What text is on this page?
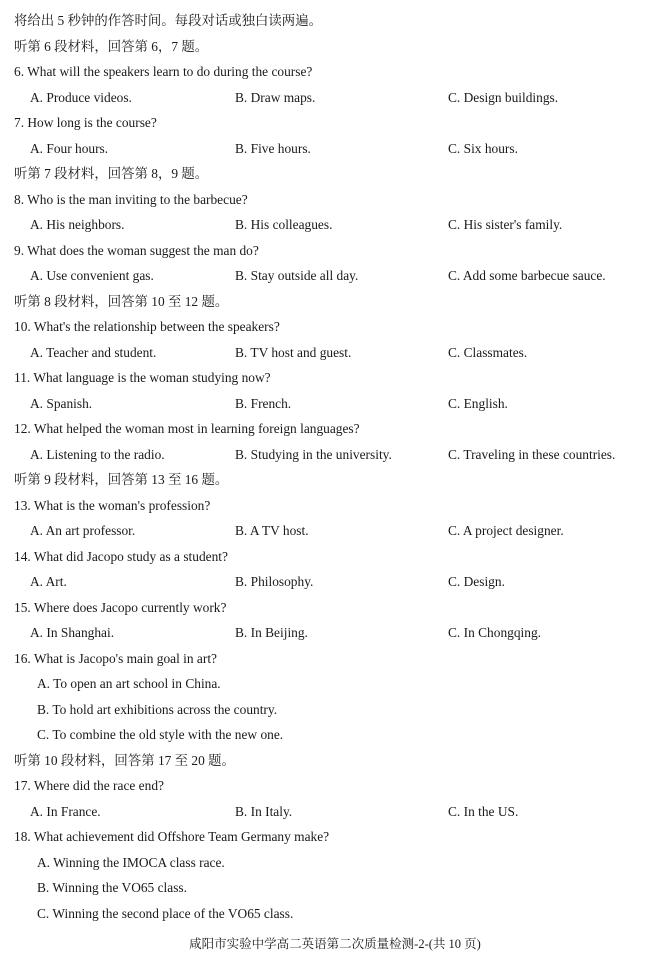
将给出 5 秒钟的作答时间。每段对话或独白读两遍。
听第 6 段材料，回答第 6，7 题。
6. What will the speakers learn to do during the course?
A. Produce videos.	B. Draw maps.	C. Design buildings.
7. How long is the course?
A. Four hours.	B. Five hours.	C. Six hours.
听第 7 段材料，回答第 8，9 题。
8. Who is the man inviting to the barbecue?
A. His neighbors.	B. His colleagues.	C. His sister's family.
9. What does the woman suggest the man do?
A. Use convenient gas.	B. Stay outside all day.	C. Add some barbecue sauce.
听第 8 段材料，回答第 10 至 12 题。
10. What's the relationship between the speakers?
A. Teacher and student.	B. TV host and guest.	C. Classmates.
11. What language is the woman studying now?
A. Spanish.	B. French.	C. English.
12. What helped the woman most in learning foreign languages?
A. Listening to the radio.	B. Studying in the university.	C. Traveling in these countries.
听第 9 段材料，回答第 13 至 16 题。
13. What is the woman's profession?
A. An art professor.	B. A TV host.	C. A project designer.
14. What did Jacopo study as a student?
A. Art.	B. Philosophy.	C. Design.
15. Where does Jacopo currently work?
A. In Shanghai.	B. In Beijing.	C. In Chongqing.
16. What is Jacopo's main goal in art?
A. To open an art school in China.
B. To hold art exhibitions across the country.
C. To combine the old style with the new one.
听第 10 段材料，回答第 17 至 20 题。
17. Where did the race end?
A. In France.	B. In Italy.	C. In the US.
18. What achievement did Offshore Team Germany make?
A. Winning the IMOCA class race.
B. Winning the VO65 class.
C. Winning the second place of the VO65 class.
咸阳市实验中学高二英语第二次质量检测-2-(共 10 页)
